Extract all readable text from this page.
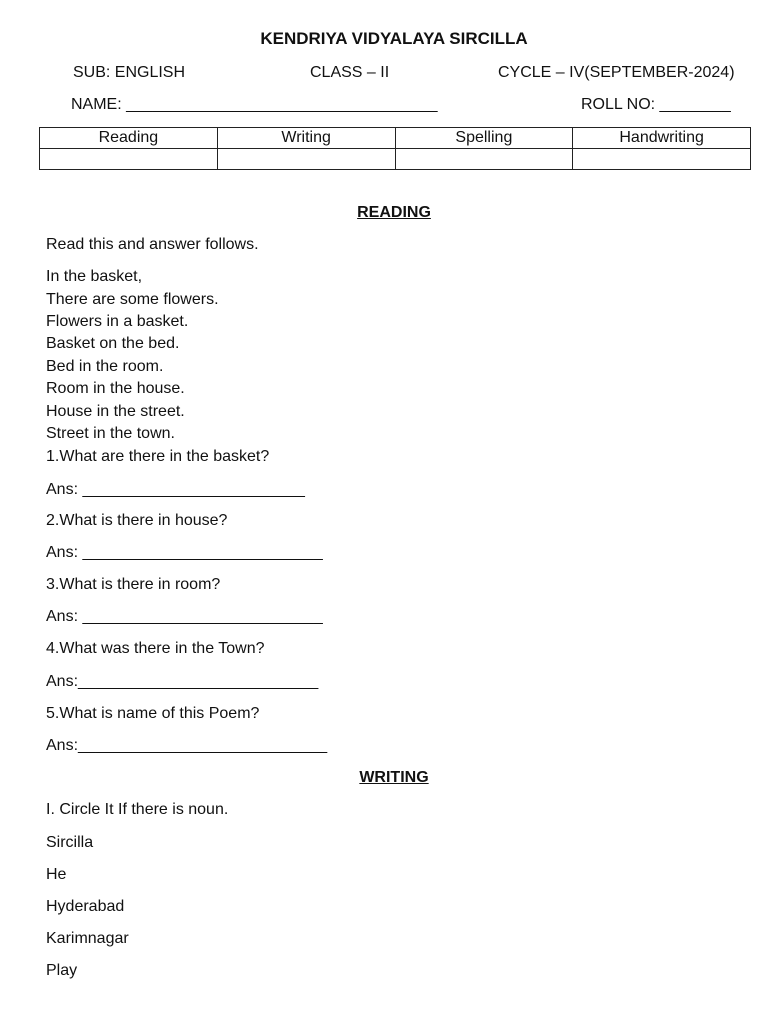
KENDRIYA VIDYALAYA SIRCILLA
SUB: ENGLISH	CLASS – II	CYCLE – IV(SEPTEMBER-2024)
NAME: ___________________________________	ROLL NO: ________
Reading	Writing	Spelling	Handwriting

READING
Read this and answer follows.
In the basket,
There are some flowers.
Flowers in a basket.
Basket on the bed.
Bed in the room.
Room in the house.
House in the street.
Street in the town.
1.What are there in the basket?
Ans: _________________________
2.What is there in house?
Ans: ___________________________
3.What is there in room?
Ans: ___________________________
4.What was there in the Town?
Ans:___________________________
5.What is name of this Poem?
Ans:____________________________
WRITING
I. Circle It If there is noun.
Sircilla
He
Hyderabad
Karimnagar
Play
